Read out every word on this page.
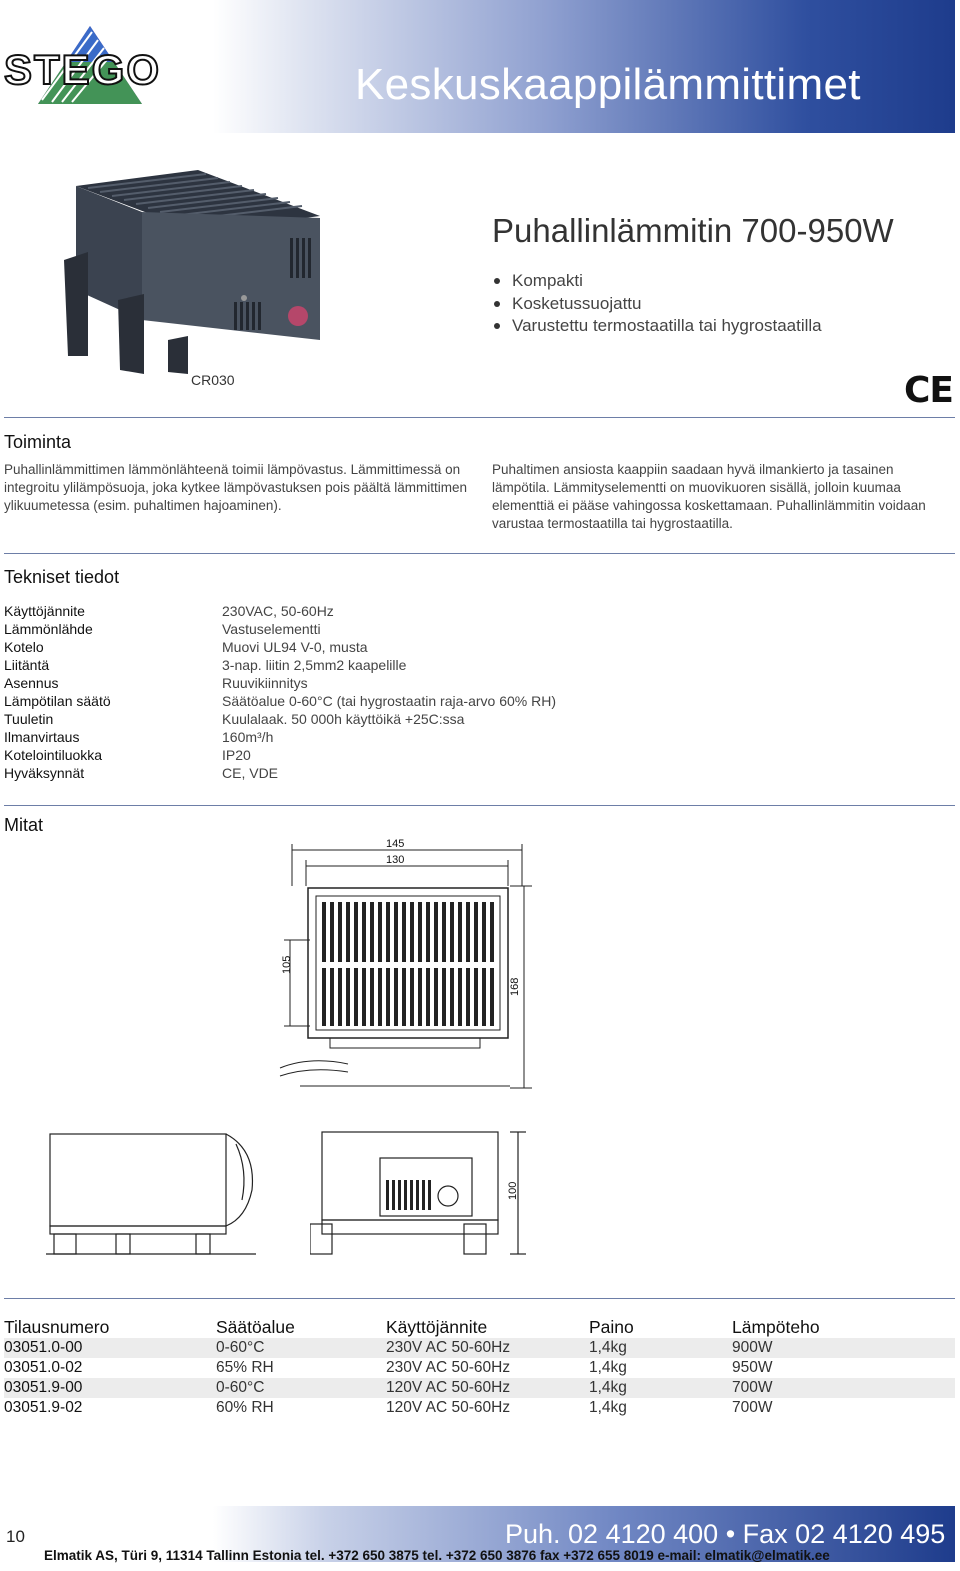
Keskuskaappilämmittimet
STEGO
CR030
Puhallinlämmitin 700-950W
Kompakti
Kosketussuojattu
Varustettu termostaatilla tai hygrostaatilla
CE
Toiminta
Puhallinlämmittimen lämmönlähteenä toimii lämpövastus. Lämmittimessä on integroitu ylilämpösuoja, joka kytkee lämpövastuksen pois päältä lämmittimen ylikuumetessa (esim. puhaltimen hajoaminen).
Puhaltimen ansiosta kaappiin saadaan hyvä ilmankierto ja tasainen lämpötila. Lämmityselementti on muovikuoren sisällä, jolloin kuumaa elementtiä ei pääse vahingossa koskettamaan. Puhallinlämmitin voidaan varustaa termostaatilla tai hygrostaatilla.
Tekniset tiedot
Käyttöjännite	230VAC, 50-60Hz
Lämmönlähde	Vastuselementti
Kotelo	Muovi UL94 V-0, musta
Liitäntä	3-nap. liitin 2,5mm2 kaapelille
Asennus	Ruuvikiinnitys
Lämpötilan säätö	Säätöalue 0-60°C (tai hygrostaatin raja-arvo 60% RH)
Tuuletin	Kuulalaak. 50 000h käyttöikä +25C:ssa
Ilmanvirtaus	160m³/h
Kotelointiluokka	IP20
Hyväksynnät	CE, VDE
Mitat
145
130
105
168
100
Tilausnumero	Säätöalue	Käyttöjännite	Paino	Lämpöteho
03051.0-00	0-60°C	230V AC 50-60Hz	1,4kg	900W
03051.0-02	65% RH	230V AC 50-60Hz	1,4kg	950W
03051.9-00	0-60°C	120V AC 50-60Hz	1,4kg	700W
03051.9-02	60% RH	120V AC 50-60Hz	1,4kg	700W
10	Puh. 02 4120 400 • Fax 02 4120 495
Elmatik AS, Türi 9, 11314 Tallinn Estonia tel. +372 650 3875 tel. +372 650 3876 fax +372 655 8019 e-mail: elmatik@elmatik.ee
